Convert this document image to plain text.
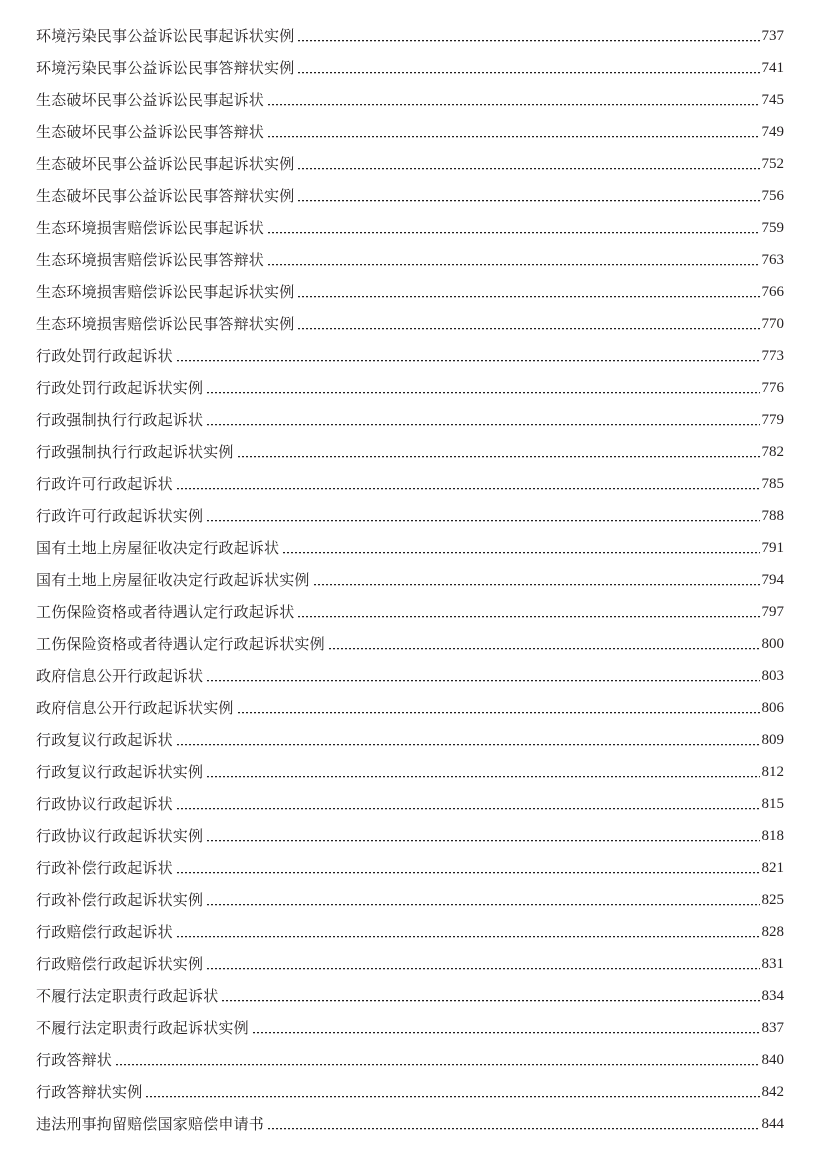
环境污染民事公益诉讼民事起诉状实例	737
环境污染民事公益诉讼民事答辩状实例	741
生态破坏民事公益诉讼民事起诉状	745
生态破坏民事公益诉讼民事答辩状	749
生态破坏民事公益诉讼民事起诉状实例	752
生态破坏民事公益诉讼民事答辩状实例	756
生态环境损害赔偿诉讼民事起诉状	759
生态环境损害赔偿诉讼民事答辩状	763
生态环境损害赔偿诉讼民事起诉状实例	766
生态环境损害赔偿诉讼民事答辩状实例	770
行政处罚行政起诉状	773
行政处罚行政起诉状实例	776
行政强制执行行政起诉状	779
行政强制执行行政起诉状实例	782
行政许可行政起诉状	785
行政许可行政起诉状实例	788
国有土地上房屋征收决定行政起诉状	791
国有土地上房屋征收决定行政起诉状实例	794
工伤保险资格或者待遇认定行政起诉状	797
工伤保险资格或者待遇认定行政起诉状实例	800
政府信息公开行政起诉状	803
政府信息公开行政起诉状实例	806
行政复议行政起诉状	809
行政复议行政起诉状实例	812
行政协议行政起诉状	815
行政协议行政起诉状实例	818
行政补偿行政起诉状	821
行政补偿行政起诉状实例	825
行政赔偿行政起诉状	828
行政赔偿行政起诉状实例	831
不履行法定职责行政起诉状	834
不履行法定职责行政起诉状实例	837
行政答辩状	840
行政答辩状实例	842
违法刑事拘留赔偿国家赔偿申请书	844
